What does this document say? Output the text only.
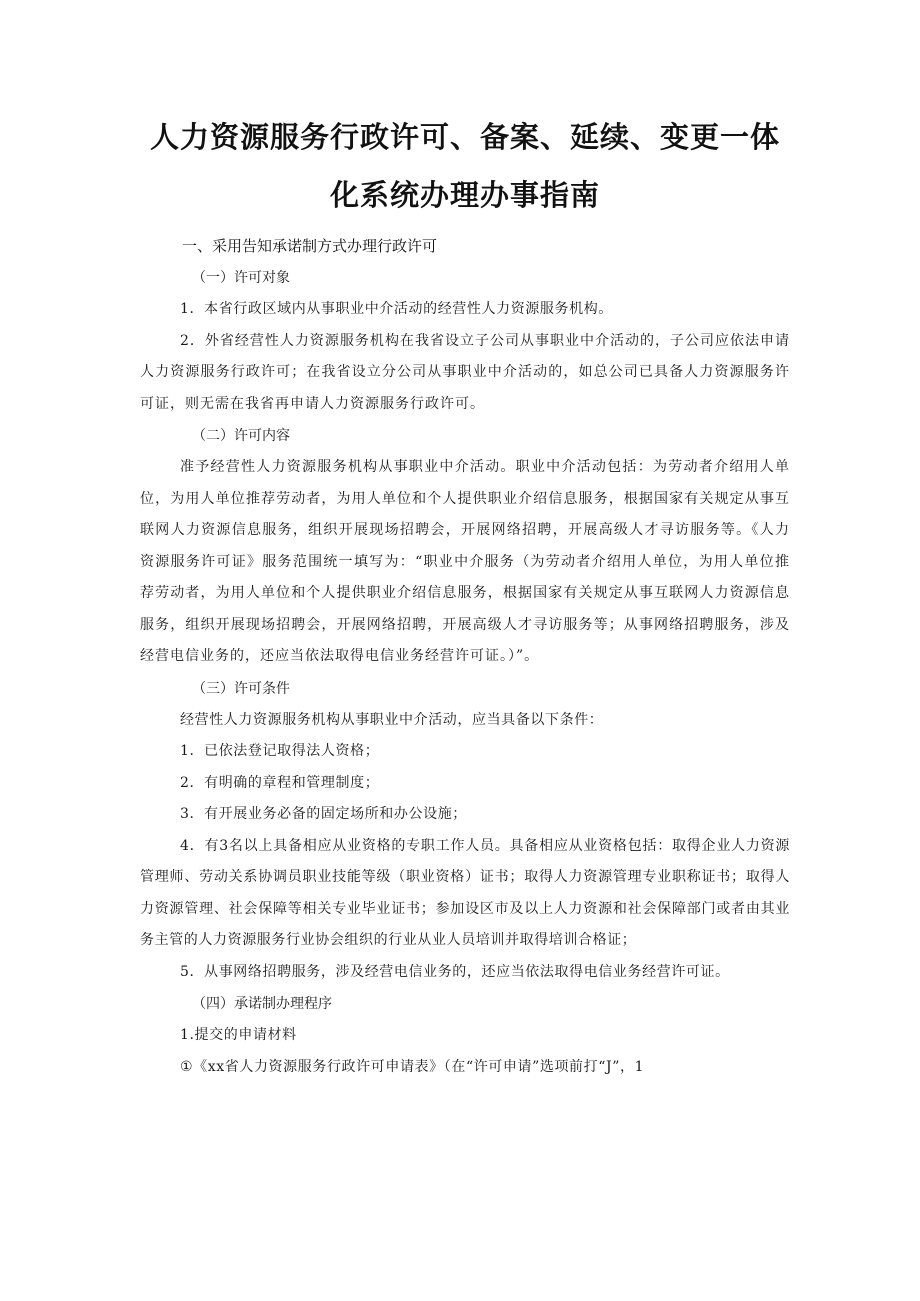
人力资源服务行政许可、备案、延续、变更一体
化系统办理办事指南
一、采用告知承诺制方式办理行政许可
（一）许可对象

1．本省行政区域内从事职业中介活动的经营性人力资源服务机构。

2．外省经营性人力资源服务机构在我省设立子公司从事职业中介活动的，子公司应依法申请人力资源服务行政许可；在我省设立分公司从事职业中介活动的，如总公司已具备人力资源服务许可证，则无需在我省再申请人力资源服务行政许可。

（二）许可内容

准予经营性人力资源服务机构从事职业中介活动。职业中介活动包括：为劳动者介绍用人单位，为用人单位推荐劳动者，为用人单位和个人提供职业介绍信息服务，根据国家有关规定从事互联网人力资源信息服务，组织开展现场招聘会，开展网络招聘，开展高级人才寻访服务等。《人力资源服务许可证》服务范围统一填写为：“职业中介服务（为劳动者介绍用人单位，为用人单位推荐劳动者，为用人单位和个人提供职业介绍信息服务，根据国家有关规定从事互联网人力资源信息服务，组织开展现场招聘会，开展网络招聘，开展高级人才寻访服务等；从事网络招聘服务，涉及经营电信业务的，还应当依法取得电信业务经营许可证。）”。

（三）许可条件

经营性人力资源服务机构从事职业中介活动，应当具备以下条件：

1．已依法登记取得法人资格；

2．有明确的章程和管理制度；

3．有开展业务必备的固定场所和办公设施；

4．有3名以上具备相应从业资格的专职工作人员。具备相应从业资格包括：取得企业人力资源管理师、劳动关系协调员职业技能等级（职业资格）证书；取得人力资源管理专业职称证书；取得人力资源管理、社会保障等相关专业毕业证书；参加设区市及以上人力资源和社会保障部门或者由其业务主管的人力资源服务行业协会组织的行业从业人员培训并取得培训合格证；

5．从事网络招聘服务，涉及经营电信业务的，还应当依法取得电信业务经营许可证。

（四）承诺制办理程序

1.提交的申请材料

①《xx省人力资源服务行政许可申请表》（在“许可申请”选项前打“J”，1
